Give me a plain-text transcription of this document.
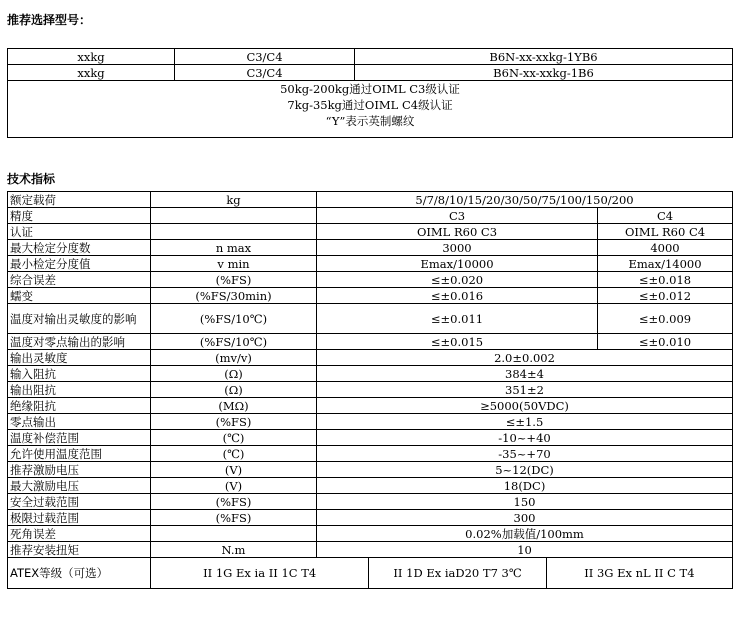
推荐选择型号：
xxkg	C3/C4	B6N-xx-xxkg-1YB6
xxkg	C3/C4	B6N-xx-xxkg-1B6

50kg-200kg通过OIML C3级认证
7kg-35kg通过OIML C4级认证
“Y”表示英制螺纹		
技术指标
额定载荷	kg	5/7/8/10/15/20/30/50/75/100/150/200
精度		C3	C4
认证		OIML R60 C3	OIML R60 C4
最大检定分度数	n max	3000	4000
最小检定分度值	v min	Emax/10000	Emax/14000
综合误差	(%FS)	≤±0.020	≤±0.018
蠕变	(%FS/30min)	≤±0.016	≤±0.012
温度对输出灵敏度的影响	(%FS/10℃)	≤±0.011	≤±0.009
温度对零点输出的影响	(%FS/10℃)	≤±0.015	≤±0.010
输出灵敏度	(mv/v)	2.0±0.002
输入阻抗	(Ω)	384±4
输出阻抗	(Ω)	351±2
绝缘阻抗	(MΩ)	≥5000(50VDC)
零点输出	(%FS)	≤±1.5
温度补偿范围	(℃)	-10~+40
允许使用温度范围	(℃)	-35~+70
推荐激励电压	(V)	5~12(DC)
最大激励电压	(V)	18(DC)
安全过载范围	(%FS)	150
极限过载范围	(%FS)	300
死角误差		0.02%加载值/100mm
推荐安装扭矩	N.m	10
ATEX等级（可选）		II 1G Ex ia II 1C T4	II 1D Ex iaD20 T7 3℃	II 3G Ex nL II C T4
